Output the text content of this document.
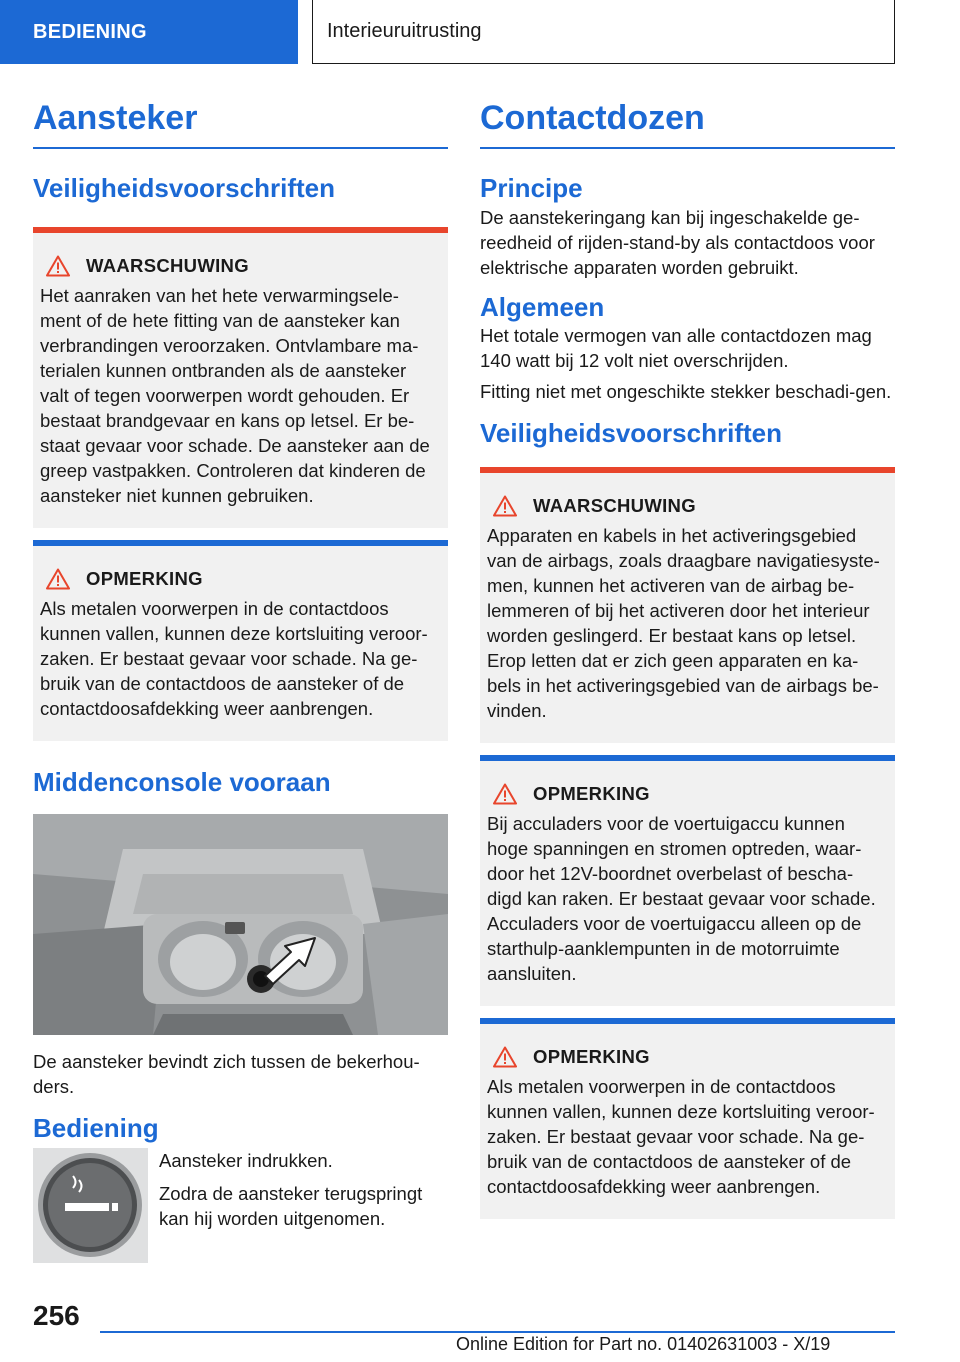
BEDIENING	Interieuruitrusting
Aansteker
Veiligheidsvoorschriften
WAARSCHUWING

Het aanraken van het hete verwarmingsele-ment of de hete fitting van de aansteker kan verbrandingen veroorzaken. Ontvlambare ma-terialen kunnen ontbranden als de aansteker valt of tegen voorwerpen wordt gehouden. Er bestaat brandgevaar en kans op letsel. Er be-staat gevaar voor schade. De aansteker aan de greep vastpakken. Controleren dat kinderen de aansteker niet kunnen gebruiken.

OPMERKING

Als metalen voorwerpen in de contactdoos kunnen vallen, kunnen deze kortsluiting veroor-zaken. Er bestaat gevaar voor schade. Na ge-bruik van de contactdoos de aansteker of de contactdoosafdekking weer aanbrengen.

Middenconsole vooraan

De aansteker bevindt zich tussen de bekerhou-ders.

Bediening

Aansteker indrukken.

Zodra de aansteker terugspringt kan hij worden uitgenomen.

Contactdozen
Principe

De aanstekeringang kan bij ingeschakelde ge-reedheid of rijden-stand-by als contactdoos voor elektrische apparaten worden gebruikt.

Algemeen

Het totale vermogen van alle contactdozen mag 140 watt bij 12 volt niet overschrijden.

Fitting niet met ongeschikte stekker beschadi-gen.

Veiligheidsvoorschriften
WAARSCHUWING

Apparaten en kabels in het activeringsgebied van de airbags, zoals draagbare navigatiesyste-men, kunnen het activeren van de airbag be-lemmeren of bij het activeren door het interieur worden geslingerd. Er bestaat kans op letsel. Erop letten dat er zich geen apparaten en ka-bels in het activeringsgebied van de airbags be-vinden.

OPMERKING

Bij acculaders voor de voertuigaccu kunnen hoge spanningen en stromen optreden, waar-door het 12V-boordnet overbelast of bescha-digd kan raken. Er bestaat gevaar voor schade. Acculaders voor de voertuigaccu alleen op de starthulp-aanklempunten in de motorruimte aansluiten.

OPMERKING

Als metalen voorwerpen in de contactdoos kunnen vallen, kunnen deze kortsluiting veroor-zaken. Er bestaat gevaar voor schade. Na ge-bruik van de contactdoos de aansteker of de contactdoosafdekking weer aanbrengen.

256
Online Edition for Part no. 01402631003 - X/19
